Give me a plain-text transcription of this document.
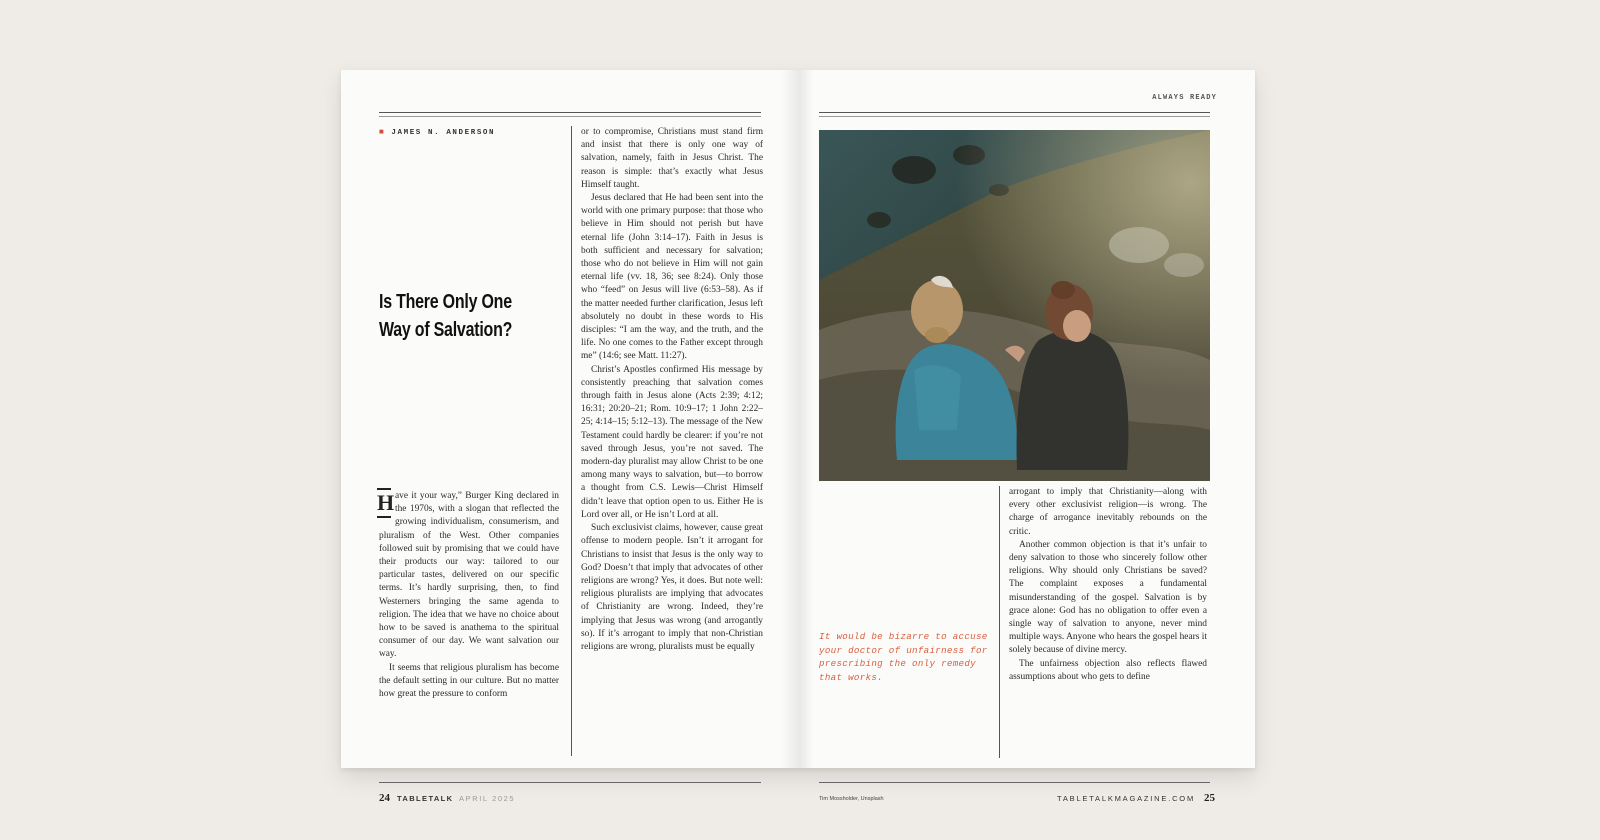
■ JAMES N. ANDERSON
Is There Only One Way of Salvation?

H ave it your way,” Burger King declared in the 1970s, with a slogan that reflected the growing individualism, consumerism, and pluralism of the West. Other companies followed suit by promising that we could have their products our way: tailored to our particular tastes, delivered on our specific terms. It’s hardly surprising, then, to find Westerners bringing the same agenda to religion. The idea that we have no choice about how to be saved is anathema to the spiritual consumer of our day. We want salvation our way.

It seems that religious pluralism has become the default setting in our culture. But no matter how great the pressure to conform

or to compromise, Christians must stand firm and insist that there is only one way of salvation, namely, faith in Jesus Christ. The reason is simple: that’s exactly what Jesus Himself taught.

Jesus declared that He had been sent into the world with one primary purpose: that those who believe in Him should not perish but have eternal life (John 3:14–17). Faith in Jesus is both sufficient and necessary for salvation; those who do not believe in Him will not gain eternal life (vv. 18, 36; see 8:24). Only those who “feed” on Jesus will live (6:53–58). As if the matter needed further clarification, Jesus left absolutely no doubt in these words to His disciples: “I am the way, and the truth, and the life. No one comes to the Father except through me” (14:6; see Matt. 11:27).

Christ’s Apostles confirmed His message by consistently preaching that salvation comes through faith in Jesus alone (Acts 2:39; 4:12; 16:31; 20:20–21; Rom. 10:9–17; 1 John 2:22–25; 4:14–15; 5:12–13). The message of the New Testament could hardly be clearer: if you’re not saved through Jesus, you’re not saved. The modern-day pluralist may allow Christ to be one among many ways to salvation, but—to borrow a thought from C.S. Lewis—Christ Himself didn’t leave that option open to us. Either He is Lord over all, or He isn’t Lord at all.

Such exclusivist claims, however, cause great offense to modern people. Isn’t it arrogant for Christians to insist that Jesus is the only way to God? Doesn’t that imply that advocates of other religions are wrong? Yes, it does. But note well: religious pluralists are implying that advocates of Christianity are wrong. Indeed, they’re implying that Jesus was wrong (and arrogantly so). If it’s arrogant to imply that non-Christian religions are wrong, pluralists must be equally

24 TABLETALK APRIL 2025
ALWAYS READY
It would be bizarre to accuse your doctor of unfairness for prescribing the only remedy that works.

arrogant to imply that Christianity—along with every other exclusivist religion—is wrong. The charge of arrogance inevitably rebounds on the critic.

Another common objection is that it’s unfair to deny salvation to those who sincerely follow other religions. Why should only Christians be saved? The complaint exposes a fundamental misunderstanding of the gospel. Salvation is by grace alone: God has no obligation to offer even a single way of salvation to anyone, never mind multiple ways. Anyone who hears the gospel hears it solely because of divine mercy.

The unfairness objection also reflects flawed assumptions about who gets to define

Tim Mossholder, Unsplash	TABLETALKMAGAZINE.COM 25
